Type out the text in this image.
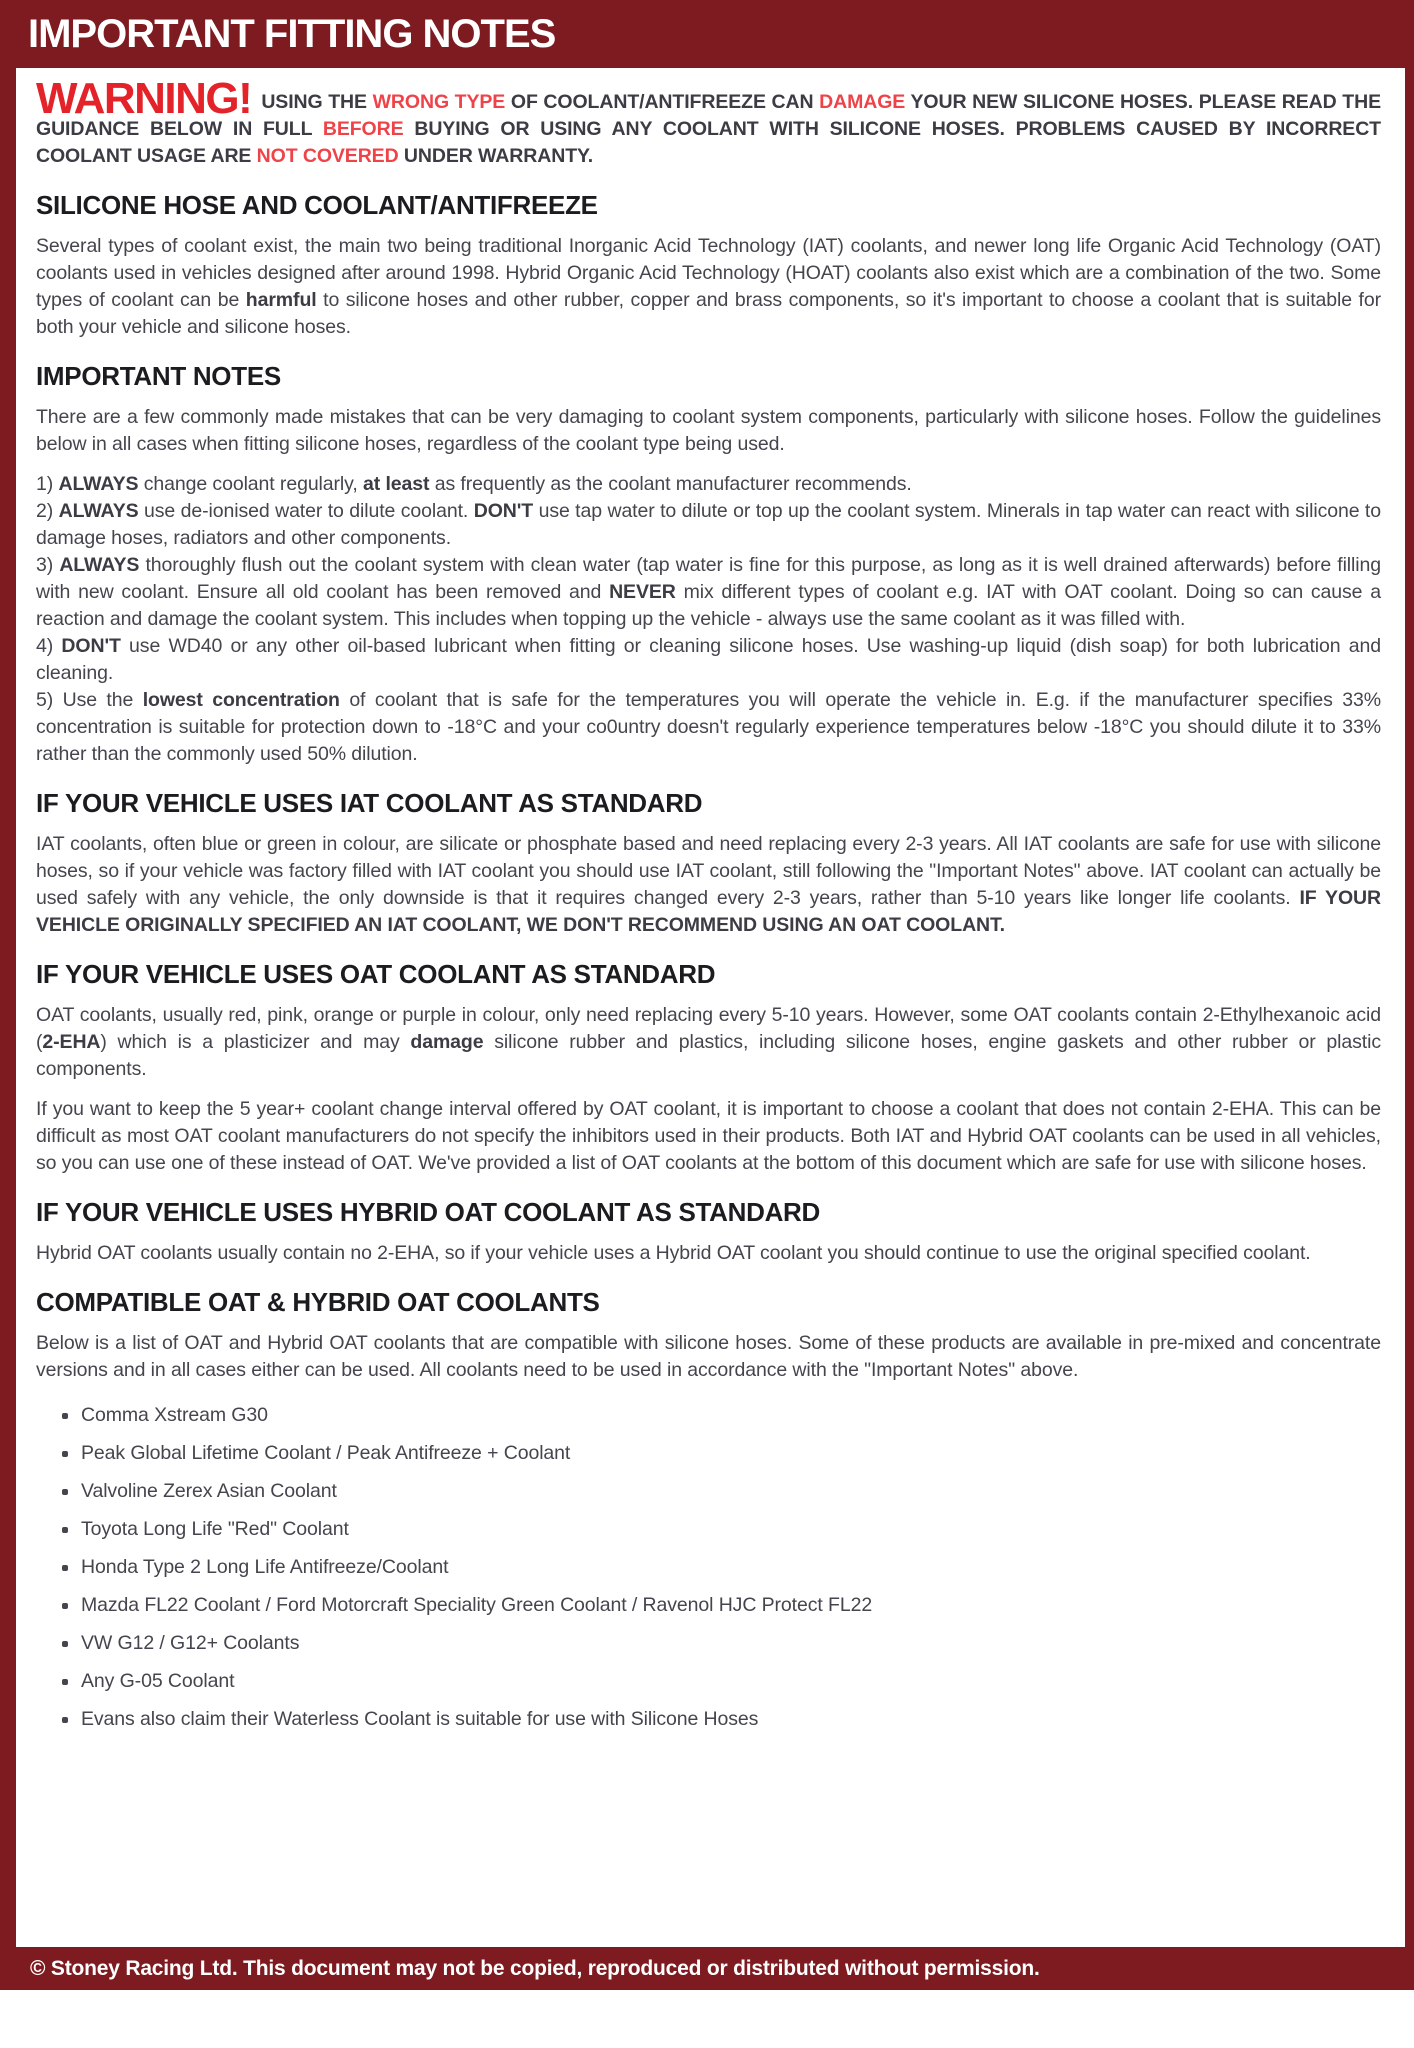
IMPORTANT FITTING NOTES

WARNING! USING THE WRONG TYPE OF COOLANT/ANTIFREEZE CAN DAMAGE YOUR NEW SILICONE HOSES. PLEASE READ THE GUIDANCE BELOW IN FULL BEFORE BUYING OR USING ANY COOLANT WITH SILICONE HOSES. PROBLEMS CAUSED BY INCORRECT COOLANT USAGE ARE NOT COVERED UNDER WARRANTY.

SILICONE HOSE AND COOLANT/ANTIFREEZE

Several types of coolant exist, the main two being traditional Inorganic Acid Technology (IAT) coolants, and newer long life Organic Acid Technology (OAT) coolants used in vehicles designed after around 1998. Hybrid Organic Acid Technology (HOAT) coolants also exist which are a combination of the two. Some types of coolant can be harmful to silicone hoses and other rubber, copper and brass components, so it's important to choose a coolant that is suitable for both your vehicle and silicone hoses.

IMPORTANT NOTES

There are a few commonly made mistakes that can be very damaging to coolant system components, particularly with silicone hoses. Follow the guidelines below in all cases when fitting silicone hoses, regardless of the coolant type being used.

1) ALWAYS change coolant regularly, at least as frequently as the coolant manufacturer recommends.

2) ALWAYS use de-ionised water to dilute coolant. DON'T use tap water to dilute or top up the coolant system. Minerals in tap water can react with silicone to damage hoses, radiators and other components.

3) ALWAYS thoroughly flush out the coolant system with clean water (tap water is fine for this purpose, as long as it is well drained afterwards) before filling with new coolant. Ensure all old coolant has been removed and NEVER mix different types of coolant e.g. IAT with OAT coolant. Doing so can cause a reaction and damage the coolant system. This includes when topping up the vehicle - always use the same coolant as it was filled with.

4) DON'T use WD40 or any other oil-based lubricant when fitting or cleaning silicone hoses. Use washing-up liquid (dish soap) for both lubrication and cleaning.

5) Use the lowest concentration of coolant that is safe for the temperatures you will operate the vehicle in. E.g. if the manufacturer specifies 33% concentration is suitable for protection down to -18°C and your co0untry doesn't regularly experience temperatures below -18°C you should dilute it to 33% rather than the commonly used 50% dilution.

IF YOUR VEHICLE USES IAT COOLANT AS STANDARD

IAT coolants, often blue or green in colour, are silicate or phosphate based and need replacing every 2-3 years. All IAT coolants are safe for use with silicone hoses, so if your vehicle was factory filled with IAT coolant you should use IAT coolant, still following the "Important Notes" above. IAT coolant can actually be used safely with any vehicle, the only downside is that it requires changed every 2-3 years, rather than 5-10 years like longer life coolants. IF YOUR VEHICLE ORIGINALLY SPECIFIED AN IAT COOLANT, WE DON'T RECOMMEND USING AN OAT COOLANT.

IF YOUR VEHICLE USES OAT COOLANT AS STANDARD

OAT coolants, usually red, pink, orange or purple in colour, only need replacing every 5-10 years. However, some OAT coolants contain 2-Ethylhexanoic acid (2-EHA) which is a plasticizer and may damage silicone rubber and plastics, including silicone hoses, engine gaskets and other rubber or plastic components.

If you want to keep the 5 year+ coolant change interval offered by OAT coolant, it is important to choose a coolant that does not contain 2-EHA. This can be difficult as most OAT coolant manufacturers do not specify the inhibitors used in their products. Both IAT and Hybrid OAT coolants can be used in all vehicles, so you can use one of these instead of OAT. We've provided a list of OAT coolants at the bottom of this document which are safe for use with silicone hoses.

IF YOUR VEHICLE USES HYBRID OAT COOLANT AS STANDARD

Hybrid OAT coolants usually contain no 2-EHA, so if your vehicle uses a Hybrid OAT coolant you should continue to use the original specified coolant.

COMPATIBLE OAT & HYBRID OAT COOLANTS

Below is a list of OAT and Hybrid OAT coolants that are compatible with silicone hoses. Some of these products are available in pre-mixed and concentrate versions and in all cases either can be used. All coolants need to be used in accordance with the "Important Notes" above.

Comma Xstream G30
Peak Global Lifetime Coolant / Peak Antifreeze + Coolant
Valvoline Zerex Asian Coolant
Toyota Long Life "Red" Coolant
Honda Type 2 Long Life Antifreeze/Coolant
Mazda FL22 Coolant / Ford Motorcraft Speciality Green Coolant / Ravenol HJC Protect FL22
VW G12 / G12+ Coolants
Any G-05 Coolant
Evans also claim their Waterless Coolant is suitable for use with Silicone Hoses
© Stoney Racing Ltd. This document may not be copied, reproduced or distributed without permission.
